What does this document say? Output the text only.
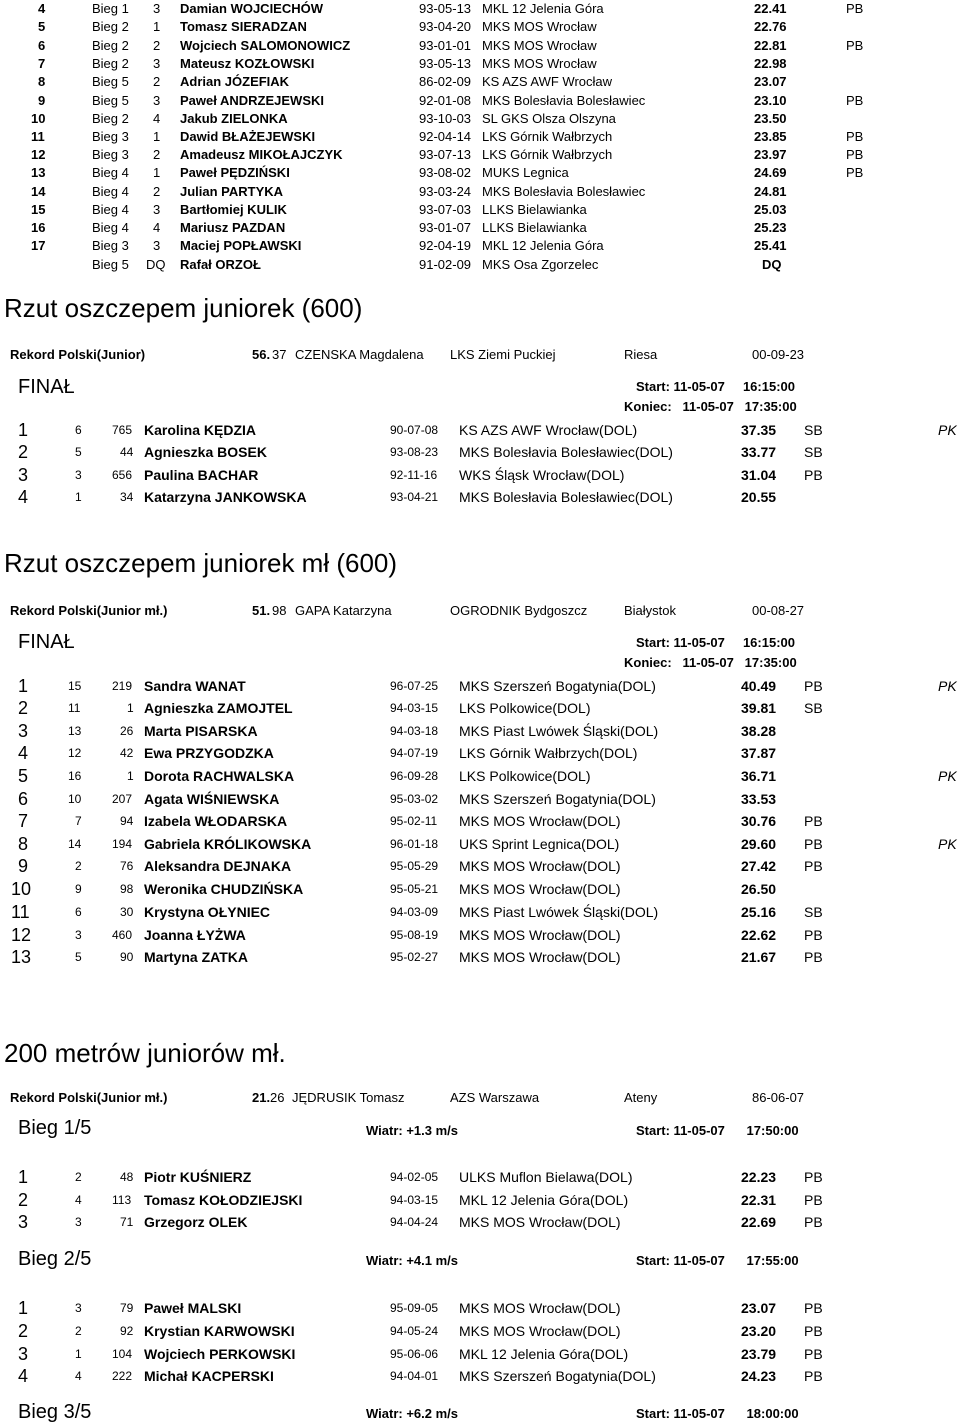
4	Bieg 1 3 Damian WOJCIECHÓW	93-05-13 MKL 12 Jelenia Góra	22.41	PB
5	Bieg 2 1 Tomasz SIERADZAN	93-04-20 MKS MOS Wrocław	22.76
6	Bieg 2 2 Wojciech SALOMONOWICZ	93-01-01 MKS MOS Wrocław	22.81	PB
7	Bieg 2 3 Mateusz KOZŁOWSKI	93-05-13 MKS MOS Wrocław	22.98
8	Bieg 5 2 Adrian JÓZEFIAK	86-02-09 KS AZS AWF Wrocław	23.07
9	Bieg 5 3 Paweł ANDRZEJEWSKI	92-01-08 MKS Bolesłavia Bolesławiec	23.10	PB
10	Bieg 2 4 Jakub ZIELONKA	93-10-03 SL GKS Olsza Olszyna	23.50
11	Bieg 3 1 Dawid BŁAŻEJEWSKI	92-04-14 LKS Górnik Wałbrzych	23.85	PB
12	Bieg 3 2 Amadeusz MIKOŁAJCZYK	93-07-13 LKS Górnik Wałbrzych	23.97	PB
13	Bieg 4 1 Paweł PĘDZIŃSKI	93-08-02 MUKS Legnica	24.69	PB
14	Bieg 4 2 Julian PARTYKA	93-03-24 MKS Bolesłavia Bolesławiec	24.81
15	Bieg 4 3 Bartłomiej KULIK	93-07-03 LLKS Bielawianka	25.03
16	Bieg 4 4 Mariusz PAZDAN	93-01-07 LLKS Bielawianka	25.23
17	Bieg 3 3 Maciej POPŁAWSKI	92-04-19 MKL 12 Jelenia Góra	25.41
Bieg 5 DQ Rafał ORZOŁ	91-02-09 MKS Osa Zgorzelec	DQ
Rzut oszczepem juniorek (600)
Rekord Polski(Junior)	56. 37 CZENSKA Magdalena LKS Ziemi Puckiej	Riesa	00-09-23
FINAŁ	Start: 11-05-07     16:15:00
Koniec:   11-05-07   17:35:00
1	6	765 Karolina KĘDZIA	90-07-08 KS AZS AWF Wrocław(DOL)	37.35 SB	PK
2	5	44 Agnieszka BOSEK	93-08-23 MKS Bolesłavia Bolesławiec(DOL)	33.77 SB
3	3	656 Paulina BACHAR	92-11-16 WKS Śląsk Wrocław(DOL)	31.04 PB
4	1	34 Katarzyna JANKOWSKA	93-04-21 MKS Bolesłavia Bolesławiec(DOL)	20.55
Rzut oszczepem juniorek mł (600)
Rekord Polski(Junior mł.)	51. 98 GAPA Katarzyna	OGRODNIK Bydgoszcz	Białystok	00-08-27
FINAŁ	Start: 11-05-07     16:15:00
Koniec:   11-05-07   17:35:00
1	15	219 Sandra WANAT	96-07-25 MKS Szerszeń Bogatynia(DOL)	40.49 PB	PK
2	11	1 Agnieszka ZAMOJTEL	94-03-15 LKS Polkowice(DOL)	39.81 SB
3	13	26 Marta PISARSKA	94-03-18 MKS Piast Lwówek Śląski(DOL)	38.28
4	12	42 Ewa PRZYGODZKA	94-07-19 LKS Górnik Wałbrzych(DOL)	37.87
5	16	1 Dorota RACHWALSKA	96-09-28 LKS Polkowice(DOL)	36.71	PK
6	10	207 Agata WIŚNIEWSKA	95-03-02 MKS Szerszeń Bogatynia(DOL)	33.53
7	7	94 Izabela WŁODARSKA	95-02-11 MKS MOS Wrocław(DOL)	30.76 PB
8	14	194 Gabriela KRÓLIKOWSKA	96-01-18 UKS Sprint Legnica(DOL)	29.60 PB	PK
9	2	76 Aleksandra DEJNAKA	95-05-29 MKS MOS Wrocław(DOL)	27.42 PB
10	9	98 Weronika CHUDZIŃSKA	95-05-21 MKS MOS Wrocław(DOL)	26.50
11	6	30 Krystyna OŁYNIEC	94-03-09 MKS Piast Lwówek Śląski(DOL)	25.16 SB
12	3	460 Joanna ŁYŻWA	95-08-19 MKS MOS Wrocław(DOL)	22.62 PB
13	5	90 Martyna ZATKA	95-02-27 MKS MOS Wrocław(DOL)	21.67 PB
200 metrów juniorów mł.
Rekord Polski(Junior mł.)	21. 26 JĘDRUSIK Tomasz	AZS Warszawa	Ateny	86-06-07
Bieg 1/5	Wiatr: +1.3 m/s	Start: 11-05-07      17:50:00
1	2	48 Piotr KUŚNIERZ	94-02-05 ULKS Muflon Bielawa(DOL)	22.23 PB
2	4	113 Tomasz KOŁODZIEJSKI	94-03-15 MKL 12 Jelenia Góra(DOL)	22.31 PB
3	3	71 Grzegorz OLEK	94-04-24 MKS MOS Wrocław(DOL)	22.69 PB
Bieg 2/5	Wiatr: +4.1 m/s	Start: 11-05-07      17:55:00
1	3	79 Paweł MALSKI	95-09-05 MKS MOS Wrocław(DOL)	23.07 PB
2	2	92 Krystian KARWOWSKI	94-05-24 MKS MOS Wrocław(DOL)	23.20 PB
3	1	104 Wojciech PERKOWSKI	95-06-06 MKL 12 Jelenia Góra(DOL)	23.79 PB
4	4	222 Michał KACPERSKI	94-04-01 MKS Szerszeń Bogatynia(DOL)	24.23 PB
Bieg 3/5	Wiatr: +6.2 m/s	Start: 11-05-07      18:00:00
